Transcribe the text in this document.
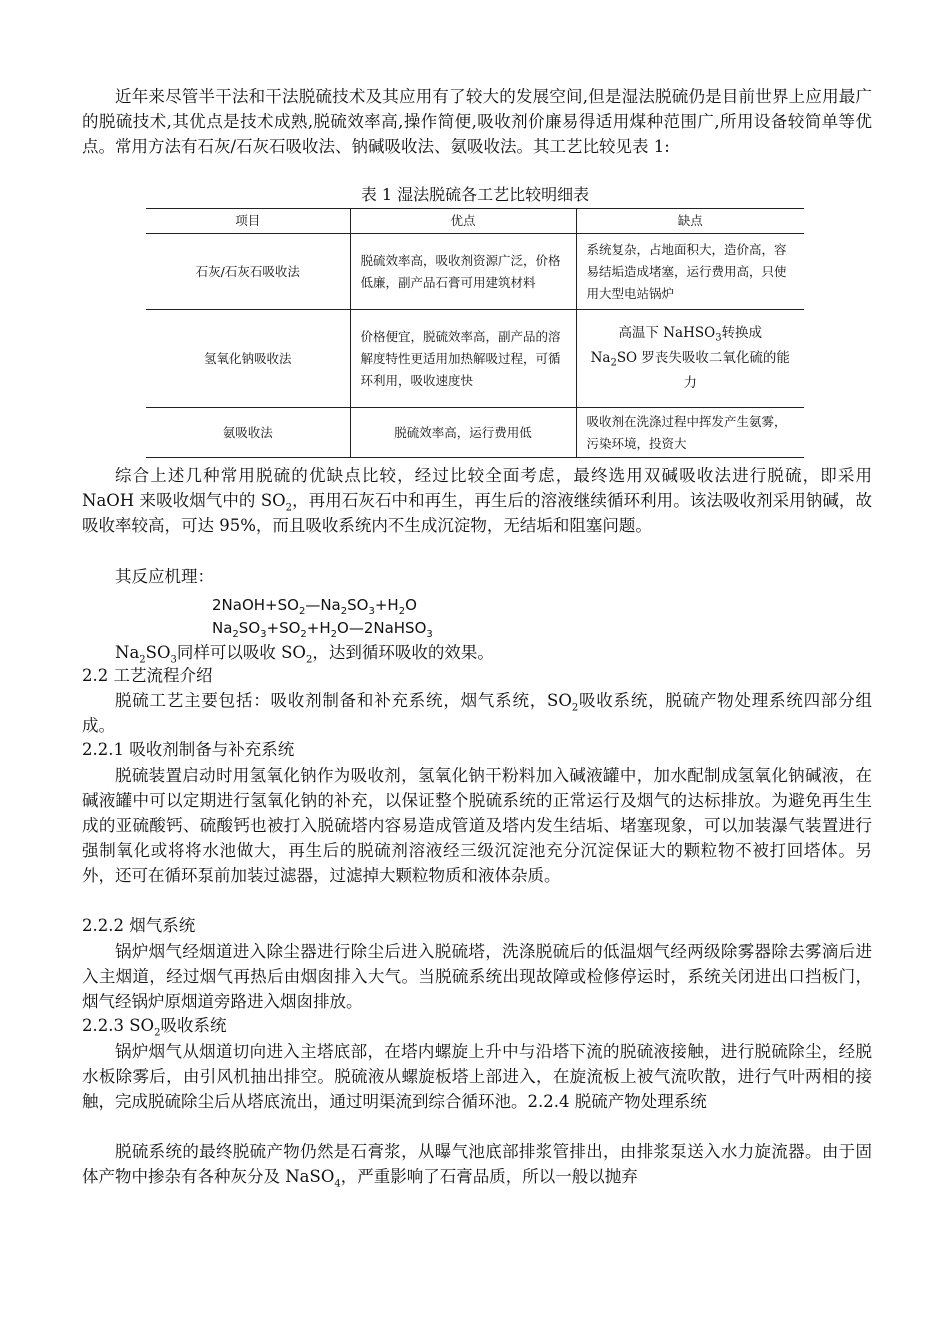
近年来尽管半干法和干法脱硫技术及其应用有了较大的发展空间,但是湿法脱硫仍是目前世界上应用最广的脱硫技术,其优点是技术成熟,脱硫效率高,操作简便,吸收剂价廉易得适用煤种范围广,所用设备较简单等优点。常用方法有石灰/石灰石吸收法、钠碱吸收法、氨吸收法。其工艺比较见表 1:

表 1 湿法脱硫各工艺比较明细表
项目	优点	缺点
石灰/石灰石吸收法	脱硫效率高，吸收剂资源广泛，价格低廉，副产品石膏可用建筑材料	系统复杂，占地面积大，造价高，容易结垢造成堵塞，运行费用高，只使用大型电站锅炉
氢氧化钠吸收法	价格便宜，脱硫效率高，副产品的溶解度特性更适用加热解吸过程，可循环利用，吸收速度快	高温下 NaHSO$_3$转换成
$Na_2SO$ 罗丧失吸收二氧化硫的能力
氨吸收法	脱硫效率高，运行费用低	吸收剂在洗涤过程中挥发产生氨雾，污染环境，投资大

综合上述几种常用脱硫的优缺点比较，经过比较全面考虑，最终选用双碱吸收法进行脱硫，即采用 NaOH 来吸收烟气中的 $SO_2$，再用石灰石中和再生，再生后的溶液继续循环利用。该法吸收剂采用钠碱，故吸收率较高，可达 95%，而且吸收系统内不生成沉淀物，无结垢和阻塞问题。

其反应机理：

$2NaOH+SO_2—Na_2SO_3+H_2O$
$Na_2SO_3+SO_2+H_2O—2NaHSO_3$

$Na_2SO_3$同样可以吸收 $SO_2$，达到循环吸收的效果。

2.2 工艺流程介绍

脱硫工艺主要包括：吸收剂制备和补充系统，烟气系统，$SO_2$吸收系统，脱硫产物处理系统四部分组成。

2.2.1 吸收剂制备与补充系统

脱硫装置启动时用氢氧化钠作为吸收剂，氢氧化钠干粉料加入碱液罐中，加水配制成氢氧化钠碱液，在碱液罐中可以定期进行氢氧化钠的补充，以保证整个脱硫系统的正常运行及烟气的达标排放。为避免再生生成的亚硫酸钙、硫酸钙也被打入脱硫塔内容易造成管道及塔内发生结垢、堵塞现象，可以加装瀑气装置进行强制氧化或将将水池做大，再生后的脱硫剂溶液经三级沉淀池充分沉淀保证大的颗粒物不被打回塔体。另外，还可在循环泵前加装过滤器，过滤掉大颗粒物质和液体杂质。

2.2.2 烟气系统

锅炉烟气经烟道进入除尘器进行除尘后进入脱硫塔，洗涤脱硫后的低温烟气经两级除雾器除去雾滴后进入主烟道，经过烟气再热后由烟囱排入大气。当脱硫系统出现故障或检修停运时，系统关闭进出口挡板门，烟气经锅炉原烟道旁路进入烟囱排放。

2.2.3 $SO_2$吸收系统

锅炉烟气从烟道切向进入主塔底部，在塔内螺旋上升中与沿塔下流的脱硫液接触，进行脱硫除尘，经脱水板除雾后，由引风机抽出排空。脱硫液从螺旋板塔上部进入，在旋流板上被气流吹散，进行气叶两相的接触，完成脱硫除尘后从塔底流出，通过明渠流到综合循环池。2.2.4 脱硫产物处理系统

脱硫系统的最终脱硫产物仍然是石膏浆，从曝气池底部排浆管排出，由排浆泵送入水力旋流器。由于固体产物中掺杂有各种灰分及 NaSO$_4$，严重影响了石膏品质，所以一般以抛弃
